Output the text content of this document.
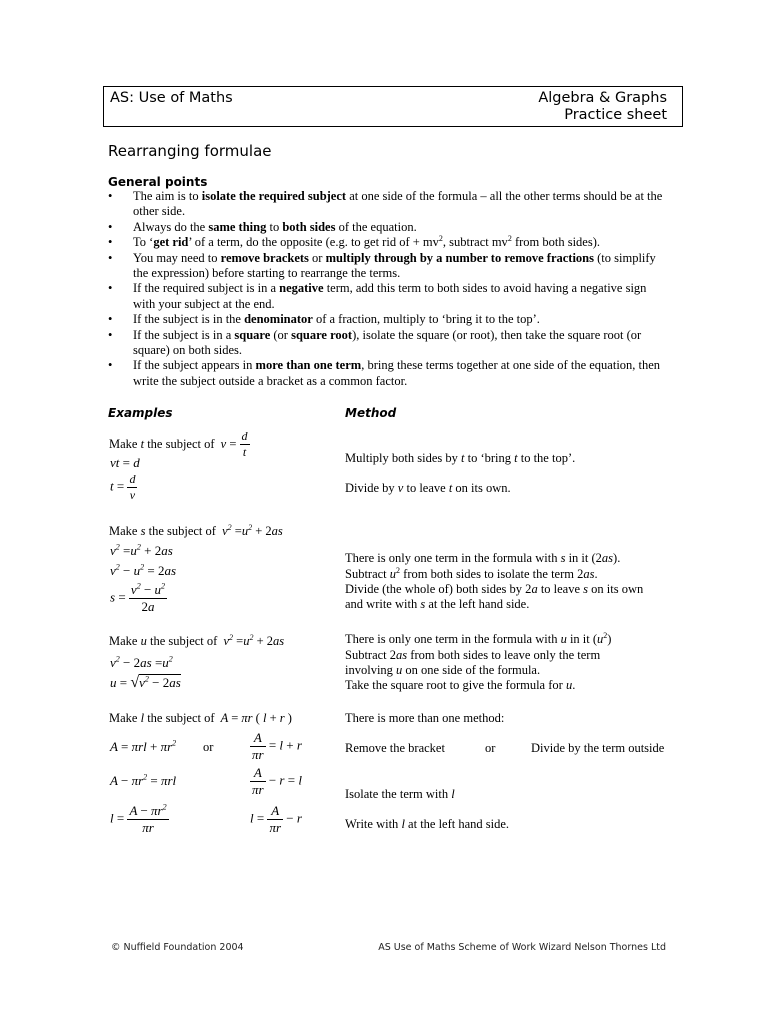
AS: Use of Maths	Algebra & Graphs
Practice sheet
Rearranging formulae
General points
• The aim is to isolate the required subject at one side of the formula – all the other terms should be at the other side.
• Always do the same thing to both sides of the equation.
• To ‘get rid’ of a term, do the opposite (e.g. to get rid of + $mv^2$, subtract $mv^2$ from both sides).
• You may need to remove brackets or multiply through by a number to remove fractions (to simplify the expression) before starting to rearrange the terms.
• If the required subject is in a negative term, add this term to both sides to avoid having a negative sign with your subject at the end.
• If the subject is in the denominator of a fraction, multiply to ‘bring it to the top’.
• If the subject is in a square (or square root), isolate the square (or root), then take the square root (or square) on both sides.
• If the subject appears in more than one term, bring these terms together at one side of the equation, then write the subject outside a bracket as a common factor.
Examples	Method
Make t the subject of $v = \frac{d}{t}$
vt = d
$t = \frac{d}{v}$
Multiply both sides by t to ‘bring t to the top’.
Divide by v to leave t on its own.
Make s the subject of $v^2 =u^2 + 2as$
$v^2 =u^2 + 2as$
$v^2 - u^2 = 2as$
$s = \frac{v^2 - u^2}{2a}$
There is only one term in the formula with s in it (2as).
Subtract $u^2$ from both sides to isolate the term 2as.
Divide (the whole of) both sides by 2a to leave s on its own
and write with s at the left hand side.
Make u the subject of $v^2 =u^2 + 2as$
$v^2 - 2as =u^2$
$u = √v^2 - 2as$
There is only one term in the formula with u in it $(u^2)$
Subtract 2as from both sides to leave only the term
involving u on one side of the formula.
Take the square root to give the formula for u.
Make l the subject of A = πr ( l + r )	There is more than one method:
$A = \pi rl + \pi r^2$ or	$\frac{A}{\pi r} = l + r$	Remove the bracket	or	Divide by the term outside
$A - \pi r^2 = \pi rl$	$\frac{A}{\pi r} - r = l$
Isolate the term with l
$l = \frac{A - \pi r^2}{\pi r}$	$l = \frac{A}{\pi r} - r$	Write with l at the left hand side.
© Nuffield Foundation 2004	AS Use of Maths Scheme of Work Wizard Nelson Thornes Ltd
